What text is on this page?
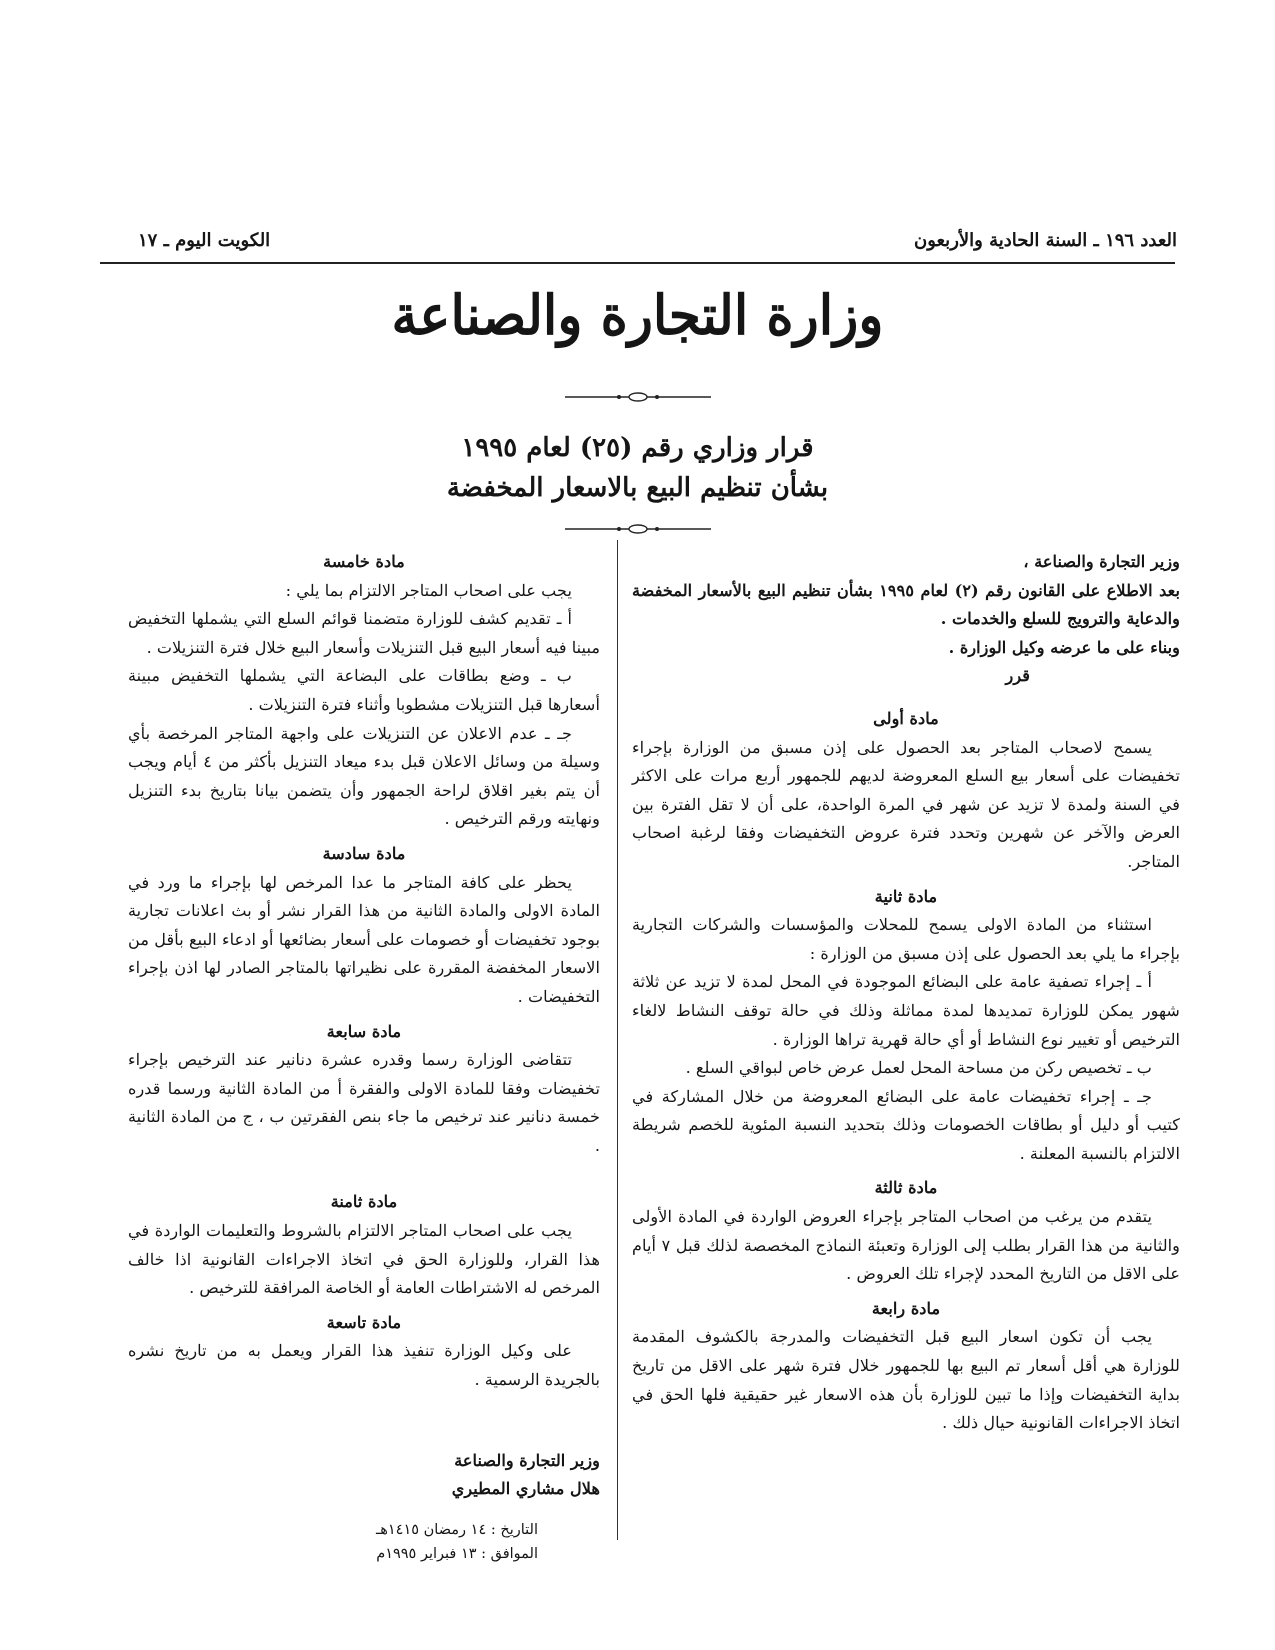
العدد ١٩٦ ـ السنة الحادية والأربعون
الكويت اليوم ـ ١٧
وزارة التجارة والصناعة
قرار وزاري رقم (٢٥) لعام ١٩٩٥
بشأن تنظيم البيع بالاسعار المخفضة

وزير التجارة والصناعة ،

بعد الاطلاع على القانون رقم (٢) لعام ١٩٩٥ بشأن تنظيم البيع بالأسعار المخفضة والدعاية والترويج للسلع والخدمات .

وبناء على ما عرضه وكيل الوزارة .

قرر

مادة أولى

يسمح لاصحاب المتاجر بعد الحصول على إذن مسبق من الوزارة بإجراء تخفيضات على أسعار بيع السلع المعروضة لديهم للجمهور أربع مرات على الاكثر في السنة ولمدة لا تزيد عن شهر في المرة الواحدة، على أن لا تقل الفترة بين العرض والآخر عن شهرين وتحدد فترة عروض التخفيضات وفقا لرغبة اصحاب المتاجر.

مادة ثانية

استثناء من المادة الاولى يسمح للمحلات والمؤسسات والشركات التجارية بإجراء ما يلي بعد الحصول على إذن مسبق من الوزارة :

أ ـ إجراء تصفية عامة على البضائع الموجودة في المحل لمدة لا تزيد عن ثلاثة شهور يمكن للوزارة تمديدها لمدة مماثلة وذلك في حالة توقف النشاط لالغاء الترخيص أو تغيير نوع النشاط أو أي حالة قهرية تراها الوزارة .

ب ـ تخصيص ركن من مساحة المحل لعمل عرض خاص لبواقي السلع .

جـ ـ إجراء تخفيضات عامة على البضائع المعروضة من خلال المشاركة في كتيب أو دليل أو بطاقات الخصومات وذلك بتحديد النسبة المئوية للخصم شريطة الالتزام بالنسبة المعلنة .

مادة ثالثة

يتقدم من يرغب من اصحاب المتاجر بإجراء العروض الواردة في المادة الأولى والثانية من هذا القرار بطلب إلى الوزارة وتعبئة النماذج المخصصة لذلك قبل ٧ أيام على الاقل من التاريخ المحدد لإجراء تلك العروض .

مادة رابعة

يجب أن تكون اسعار البيع قبل التخفيضات والمدرجة بالكشوف المقدمة للوزارة هي أقل أسعار تم البيع بها للجمهور خلال فترة شهر على الاقل من تاريخ بداية التخفيضات وإذا ما تبين للوزارة بأن هذه الاسعار غير حقيقية فلها الحق في اتخاذ الاجراءات القانونية حيال ذلك .

مادة خامسة

يجب على اصحاب المتاجر الالتزام بما يلي :

أ ـ تقديم كشف للوزارة متضمنا قوائم السلع التي يشملها التخفيض مبينا فيه أسعار البيع قبل التنزيلات وأسعار البيع خلال فترة التنزيلات .

ب ـ وضع بطاقات على البضاعة التي يشملها التخفيض مبينة أسعارها قبل التنزيلات مشطوبا وأثناء فترة التنزيلات .

جـ ـ عدم الاعلان عن التنزيلات على واجهة المتاجر المرخصة بأي وسيلة من وسائل الاعلان قبل بدء ميعاد التنزيل بأكثر من ٤ أيام ويجب أن يتم بغير اقلاق لراحة الجمهور وأن يتضمن بيانا بتاريخ بدء التنزيل ونهايته ورقم الترخيص .

مادة سادسة

يحظر على كافة المتاجر ما عدا المرخص لها بإجراء ما ورد في المادة الاولى والمادة الثانية من هذا القرار نشر أو بث اعلانات تجارية بوجود تخفيضات أو خصومات على أسعار بضائعها أو ادعاء البيع بأقل من الاسعار المخفضة المقررة على نظيراتها بالمتاجر الصادر لها اذن بإجراء التخفيضات .

مادة سابعة

تتقاضى الوزارة رسما وقدره عشرة دنانير عند الترخيص بإجراء تخفيضات وفقا للمادة الاولى والفقرة أ من المادة الثانية ورسما قدره خمسة دنانير عند ترخيص ما جاء بنص الفقرتين ب ، ج من المادة الثانية .

مادة ثامنة

يجب على اصحاب المتاجر الالتزام بالشروط والتعليمات الواردة في هذا القرار، وللوزارة الحق في اتخاذ الاجراءات القانونية اذا خالف المرخص له الاشتراطات العامة أو الخاصة المرافقة للترخيص .

مادة تاسعة

على وكيل الوزارة تنفيذ هذا القرار ويعمل به من تاريخ نشره بالجريدة الرسمية .

وزير التجارة والصناعة
هلال مشاري المطيري
التاريخ : ١٤ رمضان ١٤١٥هـ
الموافق : ١٣ فبراير ١٩٩٥م
